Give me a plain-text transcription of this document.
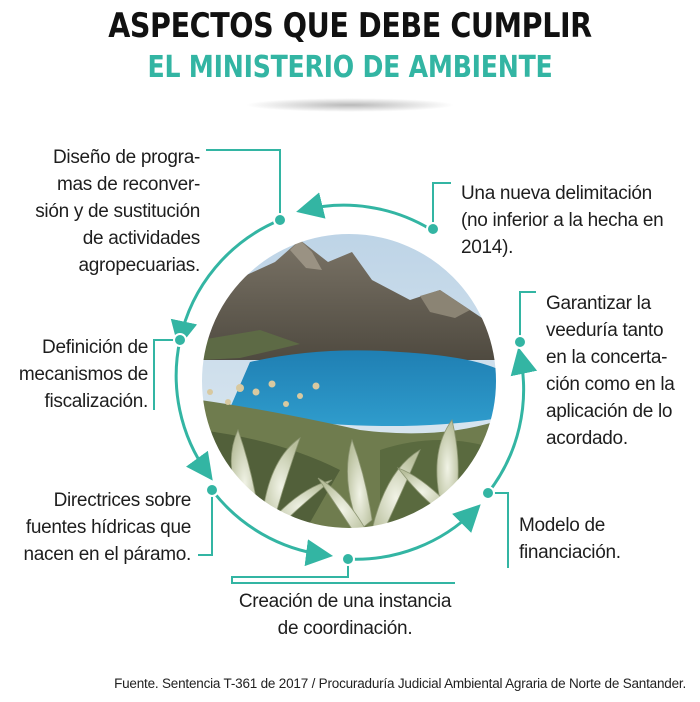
ASPECTOS QUE DEBE CUMPLIR
EL MINISTERIO DE AMBIENTE
Una nueva delimitación
(no inferior a la hecha en
2014).
Garantizar la
veeduría tanto
en la concerta-
ción como en la
aplicación de lo
acordado.
Modelo de
financiación.
Creación de una instancia
de coordinación.
Directrices sobre
fuentes hídricas que
nacen en el páramo.
Definición de
mecanismos de
fiscalización.
Diseño de progra-
mas de reconver-
sión y de sustitución
de actividades
agropecuarias.
Fuente. Sentencia T-361 de 2017 / Procuraduría Judicial Ambiental Agraria de Norte de Santander.
